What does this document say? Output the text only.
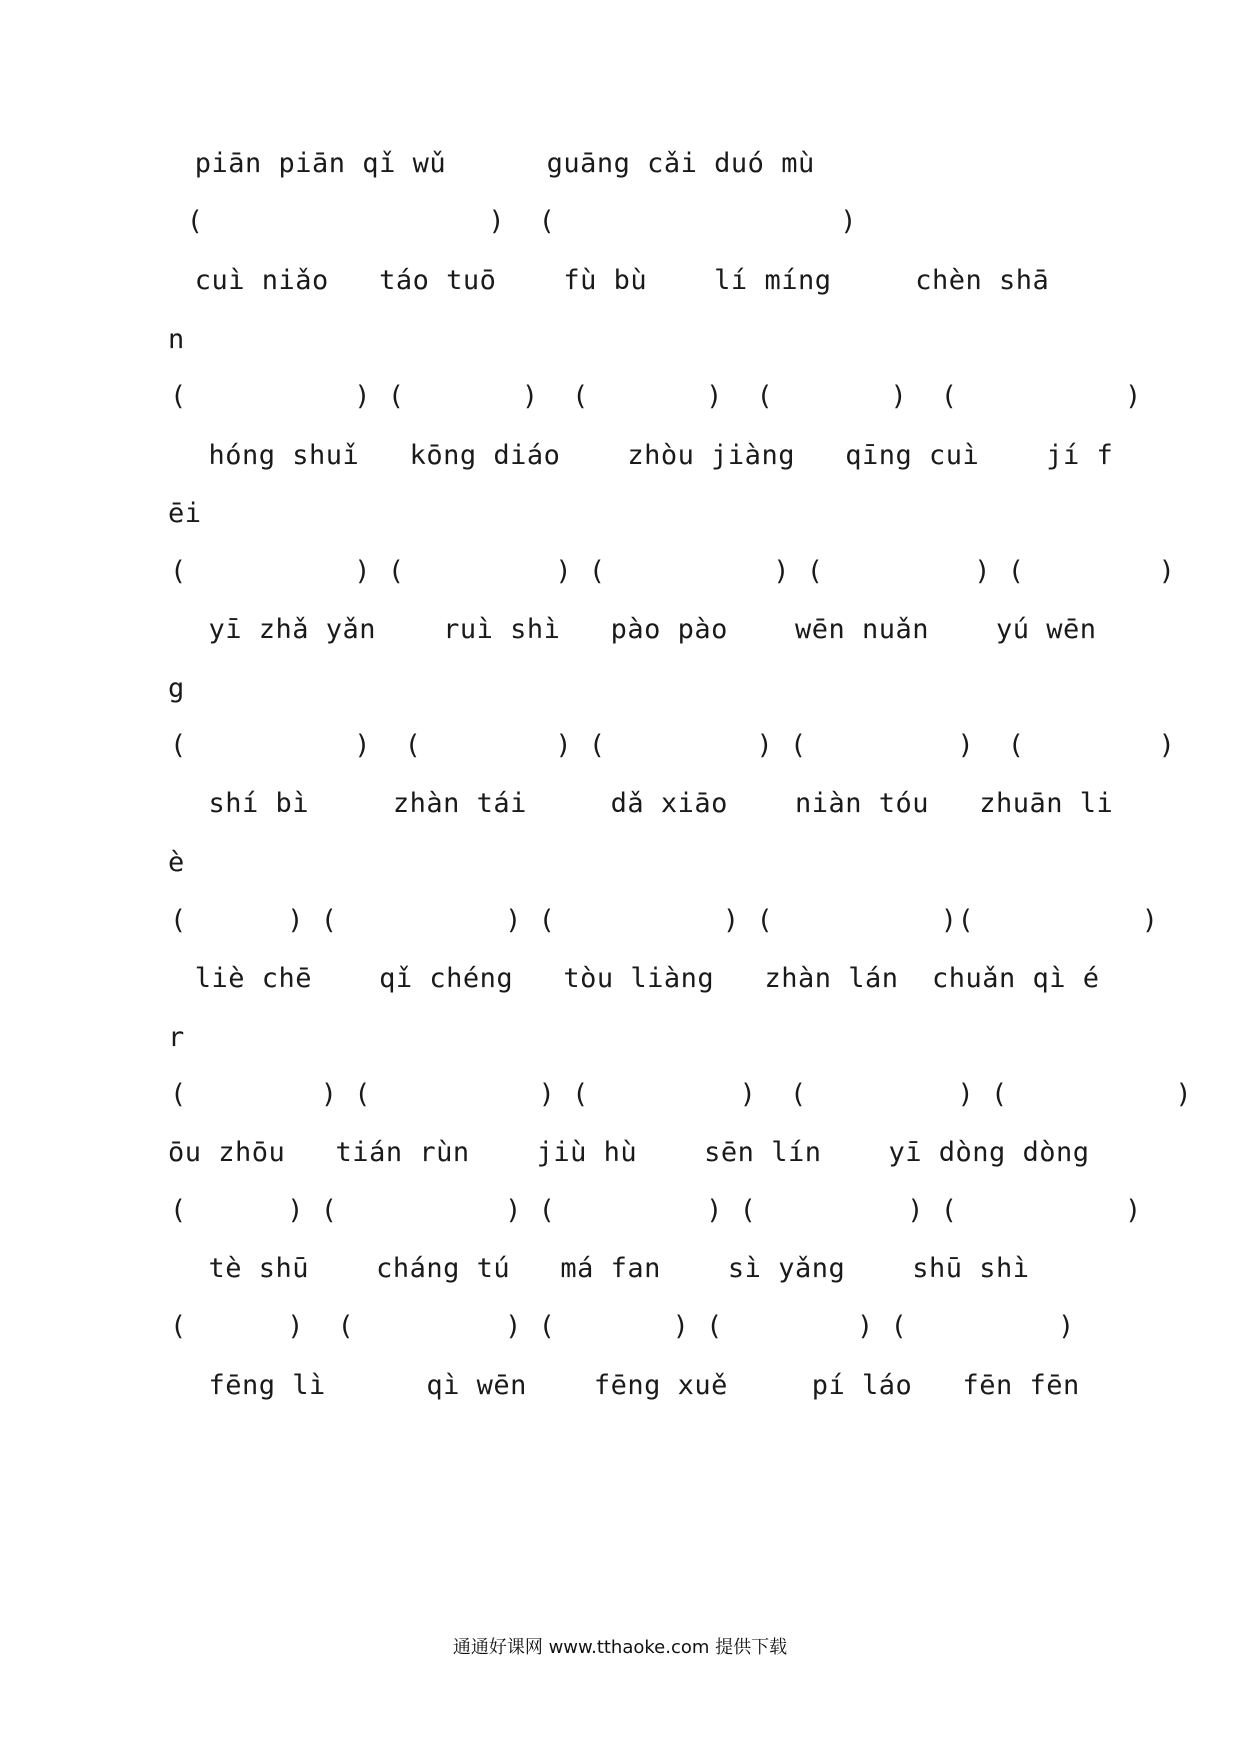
piān piān qǐ wǔ      guāng cǎi duó mù
(                 )  (                 )
cuì niǎo   táo tuō    fù bù    lí míng     chèn shā
n
(          ) (       )  (       )  (       )  (          )
hóng shuǐ   kōng diáo    zhòu jiàng   qīng cuì    jí f
ēi
(          ) (         ) (          ) (         ) (        )
yī zhǎ yǎn    ruì shì   pào pào    wēn nuǎn    yú wēn
g
(          )  (        ) (         ) (         )  (        )
shí bì     zhàn tái     dǎ xiāo    niàn tóu   zhuān li
è
(      ) (          ) (          ) (          )(          )
liè chē    qǐ chéng   tòu liàng   zhàn lán  chuǎn qì é
r
(        ) (          ) (         )  (         ) (          )
ōu zhōu   tián rùn    jiù hù    sēn lín    yī dòng dòng
(      ) (          ) (         ) (         ) (          )
tè shū    cháng tú   má fan    sì yǎng    shū shì
(      )  (         ) (       ) (        ) (         )
fēng lì      qì wēn    fēng xuě     pí láo   fēn fēn
通通好课网 www.tthaoke.com 提供下载
